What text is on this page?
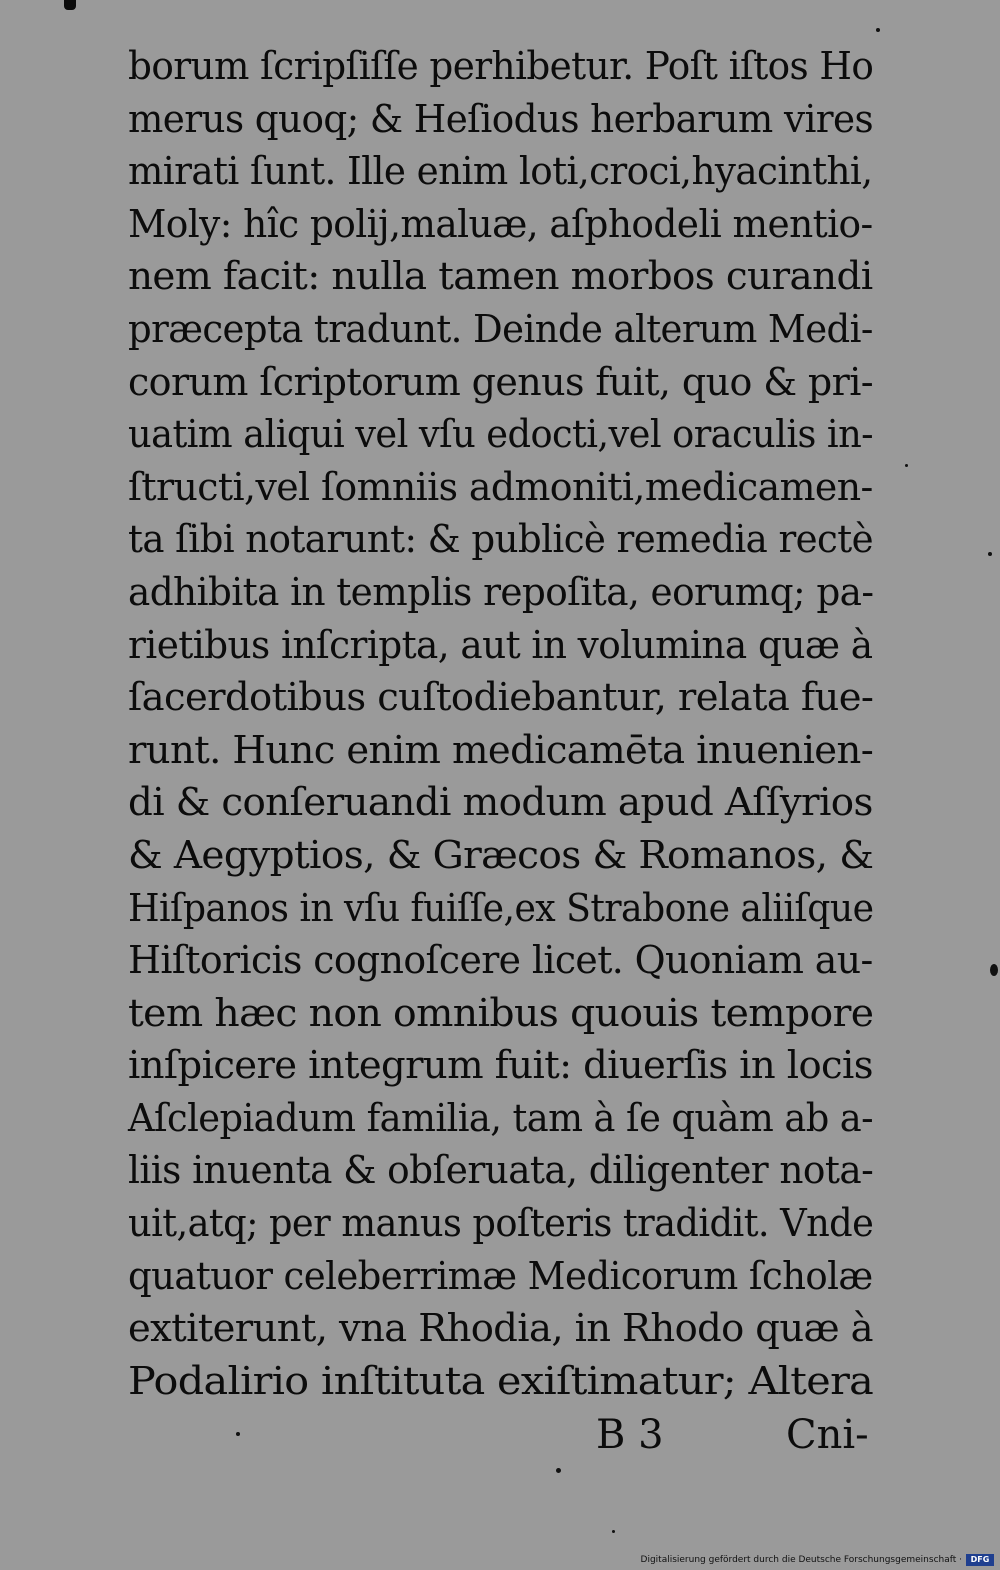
borum ſcripſiſſe perhibetur. Poſt iſtos Ho
merus quoq; & Heſiodus herbarum vires
mirati ſunt. Ille enim loti,croci,hyacinthi,
Moly: hîc polij,maluæ, aſphodeli mentio-
nem facit: nulla tamen morbos curandi
præcepta tradunt. Deinde alterum Medi-
corum ſcriptorum genus fuit, quo & pri-
uatim aliqui vel vſu edocti,vel oraculis in-
ſtructi,vel ſomniis admoniti,medicamen-
ta ſibi notarunt: & publicè remedia rectè
adhibita in templis repoſita, eorumq; pa-
rietibus inſcripta, aut in volumina quæ à
ſacerdotibus cuſtodiebantur, relata fue-
runt. Hunc enim medicamēta inuenien-
di & conſeruandi modum apud Aſſyrios
& Aegyptios, & Græcos & Romanos, &
Hiſpanos in vſu fuiſſe,ex Strabone aliiſque
Hiſtoricis cognoſcere licet. Quoniam au-
tem hæc non omnibus quouis tempore
inſpicere integrum fuit: diuerſis in locis
Aſclepiadum familia, tam à ſe quàm ab a-
liis inuenta & obſeruata, diligenter nota-
uit,atq; per manus poſteris tradidit. Vnde
quatuor celeberrimæ Medicorum ſcholæ
extiterunt, vna Rhodia, in Rhodo quæ à
Podalirio inſtituta exiſtimatur; Altera
B 3	Cni-
Digitalisierung gefördert durch die Deutsche Forschungsgemeinschaft ·	DFG
